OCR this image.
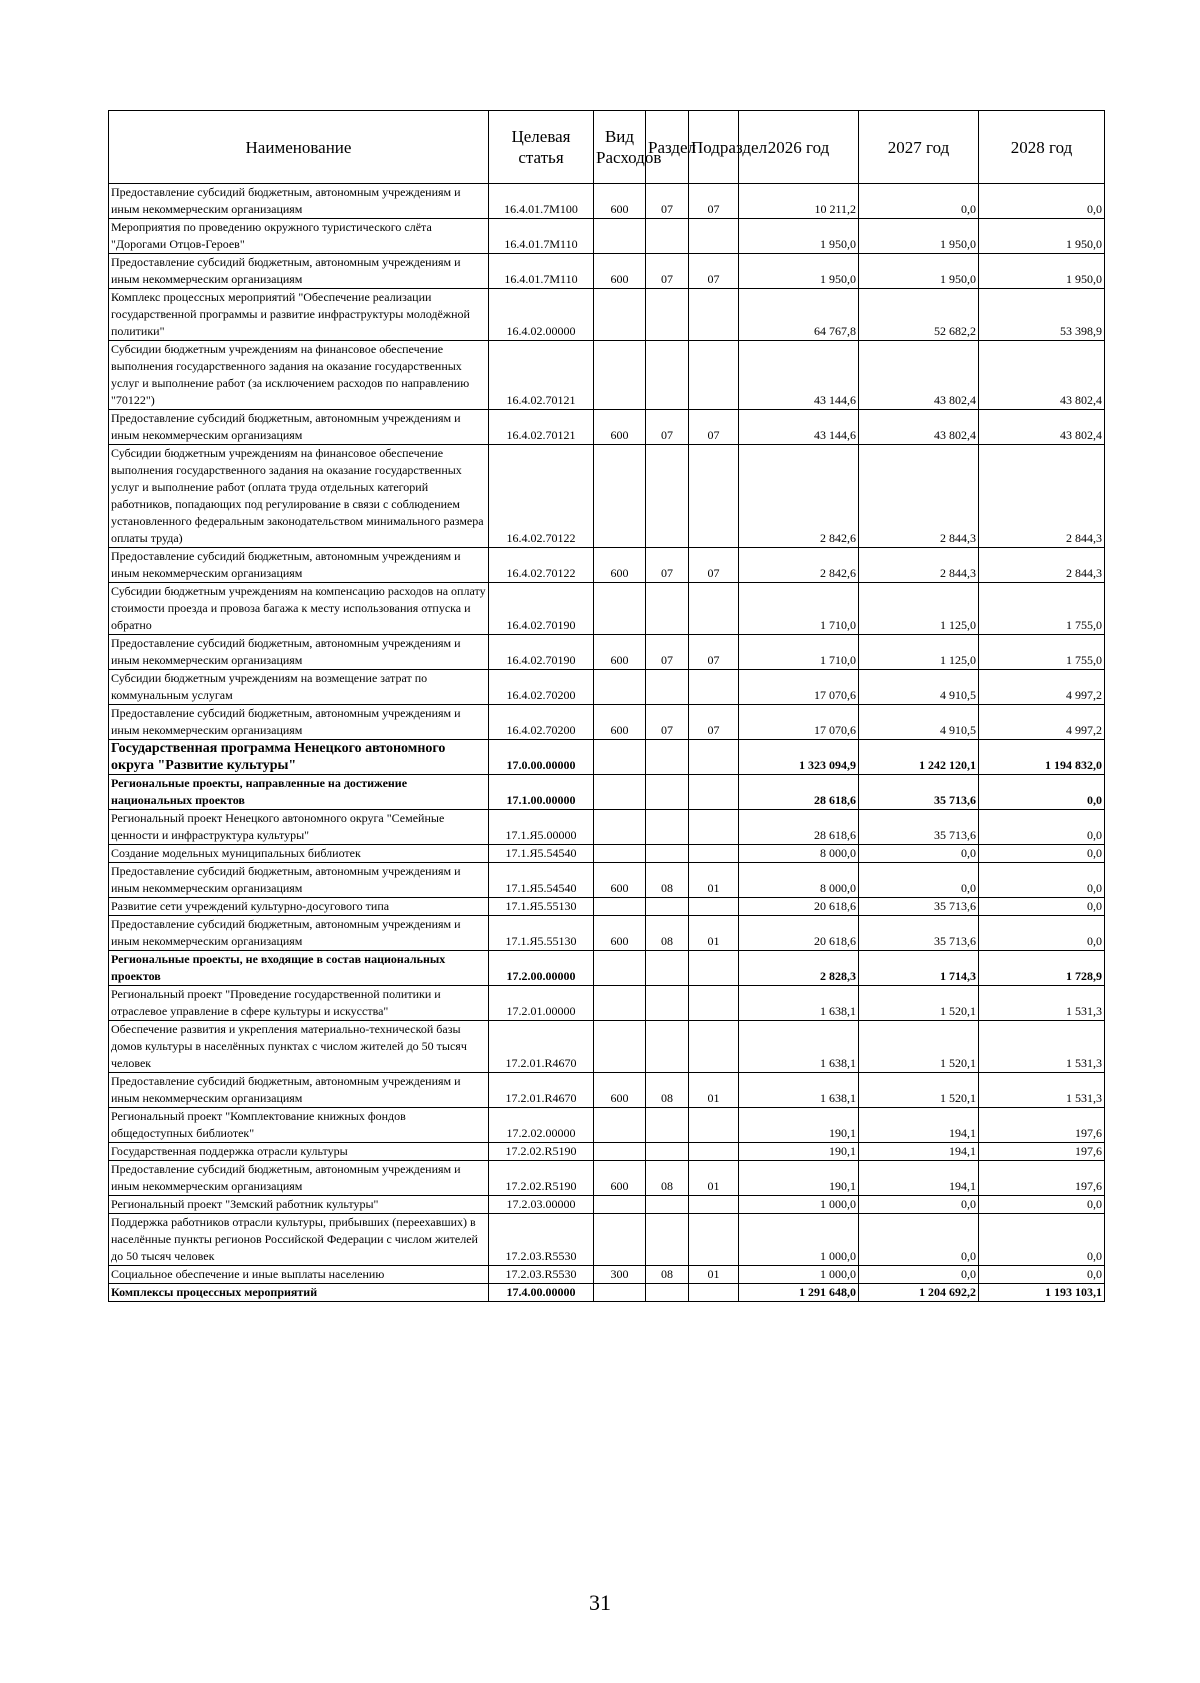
Наименование	Целевая статья	Вид Расходов	Раздел	Подраздел	2026 год	2027 год	2028 год
Предоставление субсидий бюджетным, автономным учреждениям и иным некоммерческим организациям	16.4.01.7М100	600	07	07	10 211,2	0,0	0,0
Мероприятия по проведению окружного туристического слёта "Дорогами Отцов-Героев"	16.4.01.7М110				1 950,0	1 950,0	1 950,0
Предоставление субсидий бюджетным, автономным учреждениям и иным некоммерческим организациям	16.4.01.7М110	600	07	07	1 950,0	1 950,0	1 950,0
Комплекс процессных мероприятий "Обеспечение реализации государственной программы и развитие инфраструктуры молодёжной политики"	16.4.02.00000				64 767,8	52 682,2	53 398,9
Субсидии бюджетным учреждениям на финансовое обеспечение выполнения государственного задания на оказание государственных услуг и выполнение работ (за исключением расходов по направлению "70122")	16.4.02.70121				43 144,6	43 802,4	43 802,4
Предоставление субсидий бюджетным, автономным учреждениям и иным некоммерческим организациям	16.4.02.70121	600	07	07	43 144,6	43 802,4	43 802,4
Субсидии бюджетным учреждениям на финансовое обеспечение выполнения государственного задания на оказание государственных услуг и выполнение работ (оплата труда отдельных категорий работников, попадающих под регулирование в связи с соблюдением установленного федеральным законодательством минимального размера оплаты труда)	16.4.02.70122				2 842,6	2 844,3	2 844,3
Предоставление субсидий бюджетным, автономным учреждениям и иным некоммерческим организациям	16.4.02.70122	600	07	07	2 842,6	2 844,3	2 844,3
Субсидии бюджетным учреждениям на компенсацию расходов на оплату стоимости проезда и провоза багажа к месту использования отпуска и обратно	16.4.02.70190				1 710,0	1 125,0	1 755,0
Предоставление субсидий бюджетным, автономным учреждениям и иным некоммерческим организациям	16.4.02.70190	600	07	07	1 710,0	1 125,0	1 755,0
Субсидии бюджетным учреждениям на возмещение затрат по коммунальным услугам	16.4.02.70200				17 070,6	4 910,5	4 997,2
Предоставление субсидий бюджетным, автономным учреждениям и иным некоммерческим организациям	16.4.02.70200	600	07	07	17 070,6	4 910,5	4 997,2
Государственная программа Ненецкого автономного округа "Развитие культуры"	17.0.00.00000				1 323 094,9	1 242 120,1	1 194 832,0
Региональные проекты, направленные на достижение национальных проектов	17.1.00.00000				28 618,6	35 713,6	0,0
Региональный проект Ненецкого автономного округа "Семейные ценности и инфраструктура культуры"	17.1.Я5.00000				28 618,6	35 713,6	0,0
Создание модельных муниципальных библиотек	17.1.Я5.54540				8 000,0	0,0	0,0
Предоставление субсидий бюджетным, автономным учреждениям и иным некоммерческим организациям	17.1.Я5.54540	600	08	01	8 000,0	0,0	0,0
Развитие сети учреждений культурно-досугового типа	17.1.Я5.55130				20 618,6	35 713,6	0,0
Предоставление субсидий бюджетным, автономным учреждениям и иным некоммерческим организациям	17.1.Я5.55130	600	08	01	20 618,6	35 713,6	0,0
Региональные проекты, не входящие в состав национальных проектов	17.2.00.00000				2 828,3	1 714,3	1 728,9
Региональный проект "Проведение государственной политики и отраслевое управление в сфере культуры и искусства"	17.2.01.00000				1 638,1	1 520,1	1 531,3
Обеспечение развития и укрепления материально-технической базы домов культуры в населённых пунктах с числом жителей до 50 тысяч человек	17.2.01.R4670				1 638,1	1 520,1	1 531,3
Предоставление субсидий бюджетным, автономным учреждениям и иным некоммерческим организациям	17.2.01.R4670	600	08	01	1 638,1	1 520,1	1 531,3
Региональный проект "Комплектование книжных фондов общедоступных библиотек"	17.2.02.00000				190,1	194,1	197,6
Государственная поддержка отрасли культуры	17.2.02.R5190				190,1	194,1	197,6
Предоставление субсидий бюджетным, автономным учреждениям и иным некоммерческим организациям	17.2.02.R5190	600	08	01	190,1	194,1	197,6
Региональный проект "Земский работник культуры"	17.2.03.00000				1 000,0	0,0	0,0
Поддержка работников отрасли культуры, прибывших (переехавших) в населённые пункты регионов Российской Федерации с числом жителей до 50 тысяч человек	17.2.03.R5530				1 000,0	0,0	0,0
Социальное обеспечение и иные выплаты населению	17.2.03.R5530	300	08	01	1 000,0	0,0	0,0
Комплексы процессных мероприятий	17.4.00.00000				1 291 648,0	1 204 692,2	1 193 103,1
31
